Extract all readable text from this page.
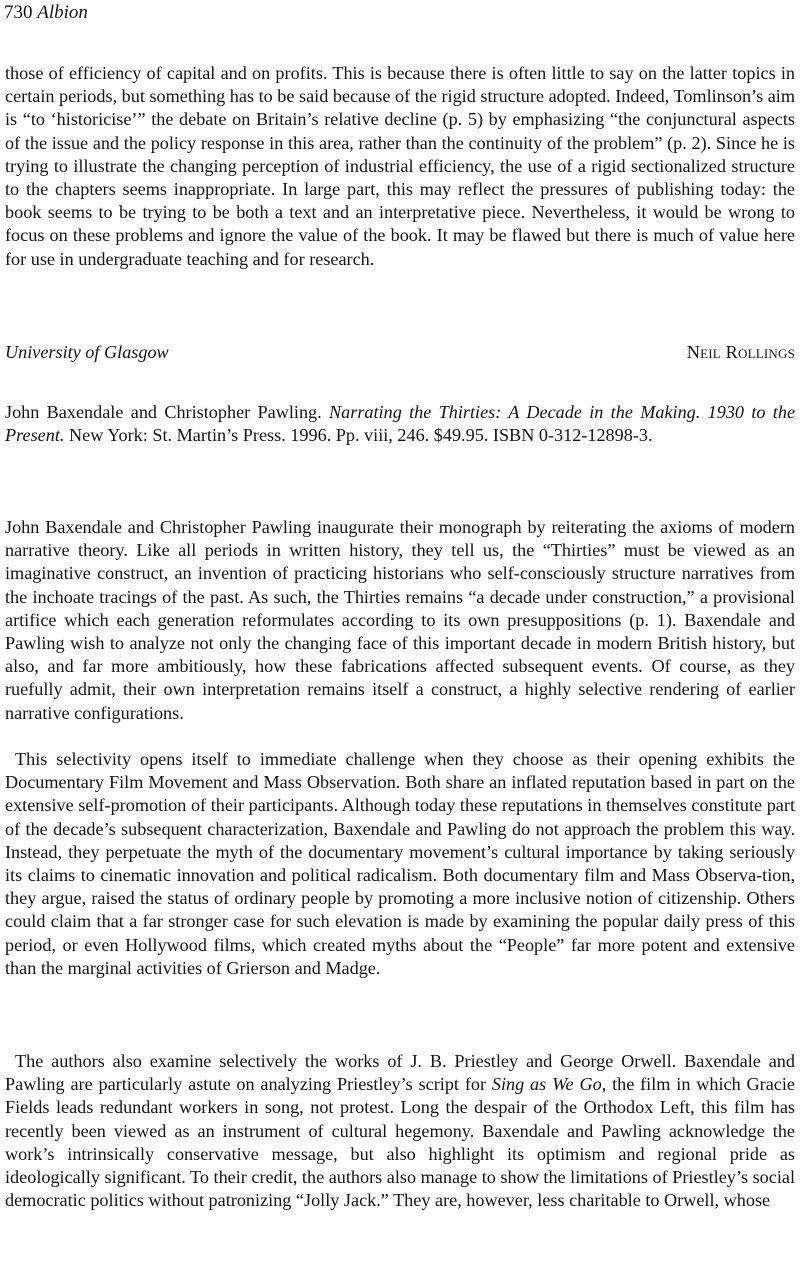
730 Albion

those of efficiency of capital and on profits. This is because there is often little to say on the latter topics in certain periods, but something has to be said because of the rigid structure adopted. Indeed, Tomlinson’s aim is “to ‘historicise’” the debate on Britain’s relative decline (p. 5) by emphasizing “the conjunctural aspects of the issue and the policy response in this area, rather than the continuity of the problem” (p. 2). Since he is trying to illustrate the changing perception of industrial efficiency, the use of a rigid sectionalized structure to the chapters seems inappropriate. In large part, this may reflect the pressures of publishing today: the book seems to be trying to be both a text and an interpretative piece. Nevertheless, it would be wrong to focus on these problems and ignore the value of the book. It may be flawed but there is much of value here for use in undergraduate teaching and for research.

University of Glasgow	Neil Rollings

John Baxendale and Christopher Pawling. Narrating the Thirties: A Decade in the Making. 1930 to the Present. New York: St. Martin’s Press. 1996. Pp. viii, 246. $49.95. ISBN 0-312-12898-3.

John Baxendale and Christopher Pawling inaugurate their monograph by reiterating the axioms of modern narrative theory. Like all periods in written history, they tell us, the “Thirties” must be viewed as an imaginative construct, an invention of practicing historians who self-consciously structure narratives from the inchoate tracings of the past. As such, the Thirties remains “a decade under construction,” a provisional artifice which each generation reformulates according to its own presuppositions (p. 1). Baxendale and Pawling wish to analyze not only the changing face of this important decade in modern British history, but also, and far more ambitiously, how these fabrications affected subsequent events. Of course, as they ruefully admit, their own interpretation remains itself a construct, a highly selective rendering of earlier narrative configurations.

This selectivity opens itself to immediate challenge when they choose as their opening exhibits the Documentary Film Movement and Mass Observation. Both share an inflated reputation based in part on the extensive self-promotion of their participants. Although today these reputations in themselves constitute part of the decade’s subsequent characterization, Baxendale and Pawling do not approach the problem this way. Instead, they perpetuate the myth of the documentary movement’s cultural importance by taking seriously its claims to cinematic innovation and political radicalism. Both documentary film and Mass Observa-tion, they argue, raised the status of ordinary people by promoting a more inclusive notion of citizenship. Others could claim that a far stronger case for such elevation is made by examining the popular daily press of this period, or even Hollywood films, which created myths about the “People” far more potent and extensive than the marginal activities of Grierson and Madge.

The authors also examine selectively the works of J. B. Priestley and George Orwell. Baxendale and Pawling are particularly astute on analyzing Priestley’s script for Sing as We Go, the film in which Gracie Fields leads redundant workers in song, not protest. Long the despair of the Orthodox Left, this film has recently been viewed as an instrument of cultural hegemony. Baxendale and Pawling acknowledge the work’s intrinsically conservative message, but also highlight its optimism and regional pride as ideologically significant. To their credit, the authors also manage to show the limitations of Priestley’s social democratic politics without patronizing “Jolly Jack.” They are, however, less charitable to Orwell, whose
